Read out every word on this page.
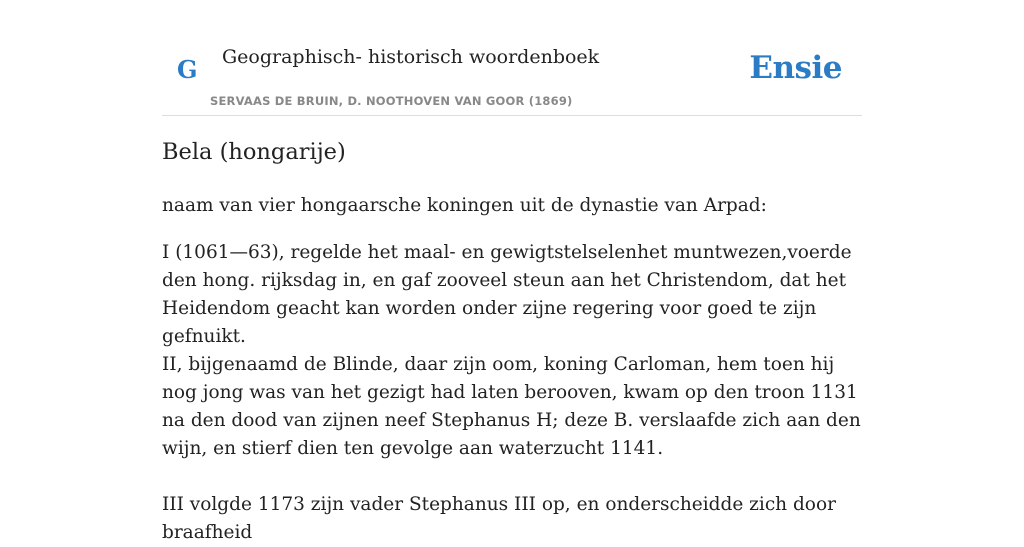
G Geographisch- historisch woordenboek
SERVAAS DE BRUIN, D. NOOTHOVEN VAN GOOR (1869)
Ensie
Bela (hongarije)
naam van vier hongaarsche koningen uit de dynastie van Arpad:
I (1061—63), regelde het maal- en gewigtstelselenhet muntwezen,voerde den hong. rijksdag in, en gaf zooveel steun aan het Christendom, dat het Heidendom geacht kan worden onder zijne regering voor goed te zijn gefnuikt.
II, bijgenaamd de Blinde, daar zijn oom, koning Carloman, hem toen hij nog jong was van het gezigt had laten berooven, kwam op den troon 1131 na den dood van zijnen neef Stephanus H; deze B. verslaafde zich aan den wijn, en stierf dien ten gevolge aan waterzucht 1141.
III volgde 1173 zijn vader Stephanus III op, en onderscheidde zich door braafheid
